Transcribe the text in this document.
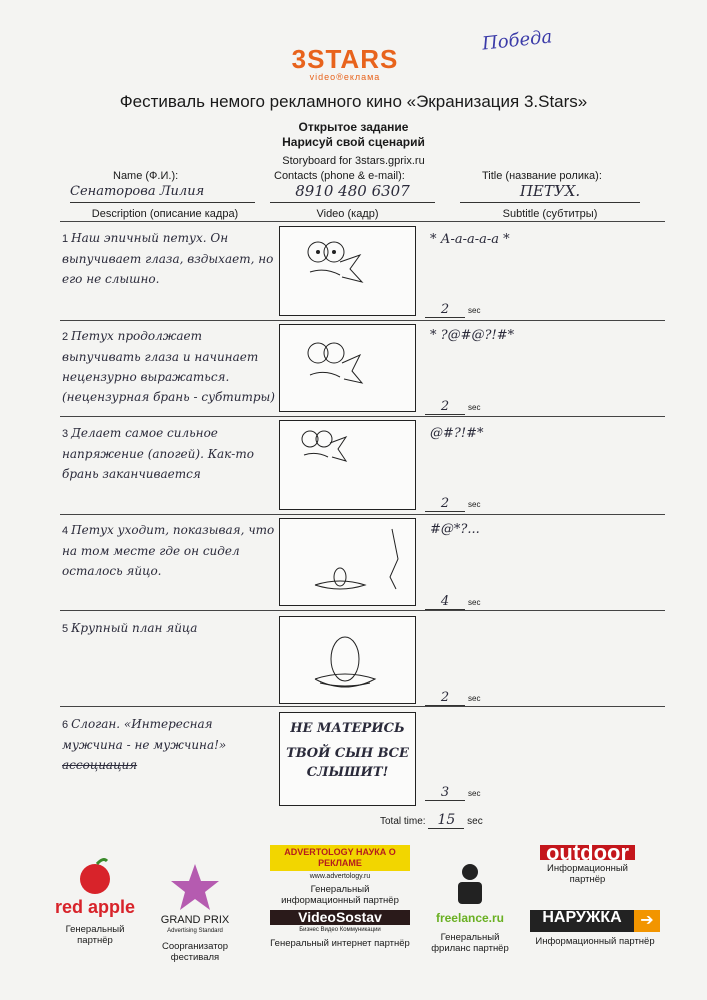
Победа
3STARS
video®еклама
Фестиваль немого рекламного кино «Экранизация 3.Stars»
Открытое задание
Нарисуй свой сценарий
Storyboard for 3stars.gprix.ru
Name (Ф.И.):	Contacts (phone & e-mail):	Title (название ролика):
Сенаторова Лилия	8910 480 6307	ПЕТУХ.
Description (описание кадра)	Video (кадр)	Subtitle (субтитры)
1 Наш эпичный петух. Он выпучивает глаза, вздыхает, но его не слышно.
* А-а-а-а-а *
2 sec
2 Петух продолжает выпучивать глаза и начинает нецензурно выражаться. (нецензурная брань - субтитры)
* ?@#@?!#*
2 sec
3 Делает самое сильное напряжение (апогей). Как-то брань заканчивается
@#?!#*
2 sec
4 Петух уходит, показывая, что на том месте где он сидел осталось яйцо.
#@*?...
4 sec
5 Крупный план яйца
2 sec
6 Слоган. «Интересная мужчина - не мужчина!»
ассоциация
НЕ МАТЕРИСЬ
ТВОЙ СЫН ВСЕ
СЛЫШИТ!
3 sec
Total time: 15 sec
red apple
Генеральный партнёр
GRAND PRIX
Advertising Standard
Соорганизатор фестиваля
ADVERTOLOGY НАУКА О РЕКЛАМЕ
www.advertology.ru
Генеральный информационный партнёр
VideoSostav
Бизнес Видео Коммуникации
Генеральный интернет партнёр
freelance.ru
Генеральный фриланс партнёр
outdoor
Информационный партнёр
НАРУЖКА	➔
Информационный партнёр
